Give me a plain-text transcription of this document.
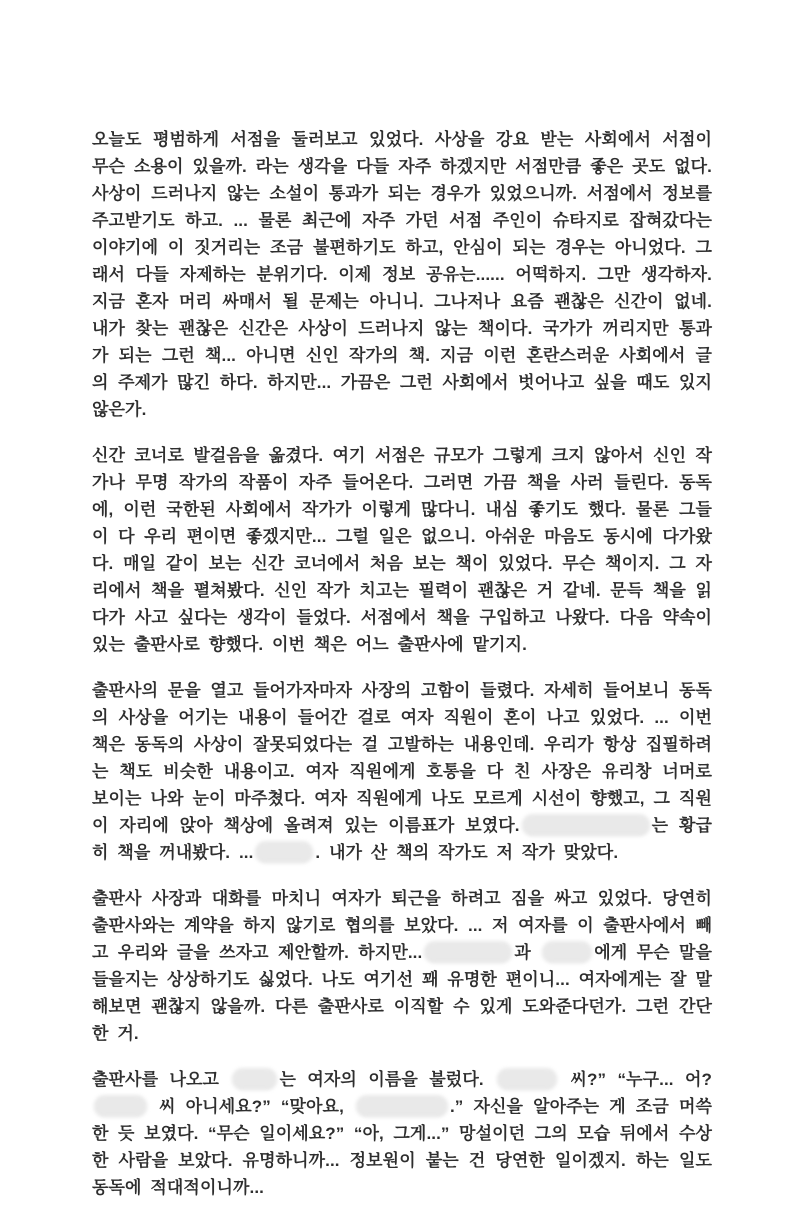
오늘도 평범하게 서점을 둘러보고 있었다. 사상을 강요 받는 사회에서 서점이 무슨 소용이 있을까. 라는 생각을 다들 자주 하겠지만 서점만큼 좋은 곳도 없다. 사상이 드러나지 않는 소설이 통과가 되는 경우가 있었으니까. 서점에서 정보를 주고받기도 하고. ... 물론 최근에 자주 가던 서점 주인이 슈타지로 잡혀갔다는 이야기에 이 짓거리는 조금 불편하기도 하고, 안심이 되는 경우는 아니었다. 그래서 다들 자제하는 분위기다. 이제 정보 공유는...... 어떡하지. 그만 생각하자. 지금 혼자 머리 싸매서 될 문제는 아니니. 그나저나 요즘 괜찮은 신간이 없네. 내가 찾는 괜찮은 신간은 사상이 드러나지 않는 책이다. 국가가 꺼리지만 통과가 되는 그런 책... 아니면 신인 작가의 책. 지금 이런 혼란스러운 사회에서 글의 주제가 많긴 하다. 하지만... 가끔은 그런 사회에서 벗어나고 싶을 때도 있지 않은가.

신간 코너로 발걸음을 옮겼다. 여기 서점은 규모가 그렇게 크지 않아서 신인 작가나 무명 작가의 작품이 자주 들어온다. 그러면 가끔 책을 사러 들린다. 동독에, 이런 국한된 사회에서 작가가 이렇게 많다니. 내심 좋기도 했다. 물론 그들이 다 우리 편이면 좋겠지만... 그럴 일은 없으니. 아쉬운 마음도 동시에 다가왔다. 매일 같이 보는 신간 코너에서 처음 보는 책이 있었다. 무슨 책이지. 그 자리에서 책을 펼쳐봤다. 신인 작가 치고는 필력이 괜찮은 거 같네. 문득 책을 읽다가 사고 싶다는 생각이 들었다. 서점에서 책을 구입하고 나왔다. 다음 약속이 있는 출판사로 향했다. 이번 책은 어느 출판사에 맡기지.

출판사의 문을 열고 들어가자마자 사장의 고함이 들렸다. 자세히 들어보니 동독의 사상을 어기는 내용이 들어간 걸로 여자 직원이 혼이 나고 있었다. ... 이번 책은 동독의 사상이 잘못되었다는 걸 고발하는 내용인데. 우리가 항상 집필하려는 책도 비슷한 내용이고. 여자 직원에게 호통을 다 친 사장은 유리창 너머로 보이는 나와 눈이 마주쳤다. 여자 직원에게 나도 모르게 시선이 향했고, 그 직원이 자리에 앉아 책상에 올려져 있는 이름표가 보였다.	는 황급히 책을 꺼내봤다. ...	. 내가 산 책의 작가도 저 작가 맞았다.

출판사 사장과 대화를 마치니 여자가 퇴근을 하려고 짐을 싸고 있었다. 당연히 출판사와는 계약을 하지 않기로 협의를 보았다. ... 저 여자를 이 출판사에서 빼고 우리와 글을 쓰자고 제안할까. 하지만...	과	에게 무슨 말을 들을지는 상상하기도 싫었다. 나도 여기선 꽤 유명한 편이니... 여자에게는 잘 말해보면 괜찮지 않을까. 다른 출판사로 이직할 수 있게 도와준다던가. 그런 간단한 거.

출판사를 나오고	는 여자의 이름을 불렀다.	씨?” “누구... 어?  씨 아니세요?” “맞아요,	.” 자신을 알아주는 게 조금 머쓱한 듯 보였다. “무슨 일이세요?” “아, 그게...” 망설이던 그의 모습 뒤에서 수상한 사람을 보았다. 유명하니까... 정보원이 붙는 건 당연한 일이겠지. 하는 일도 동독에 적대적이니까...
